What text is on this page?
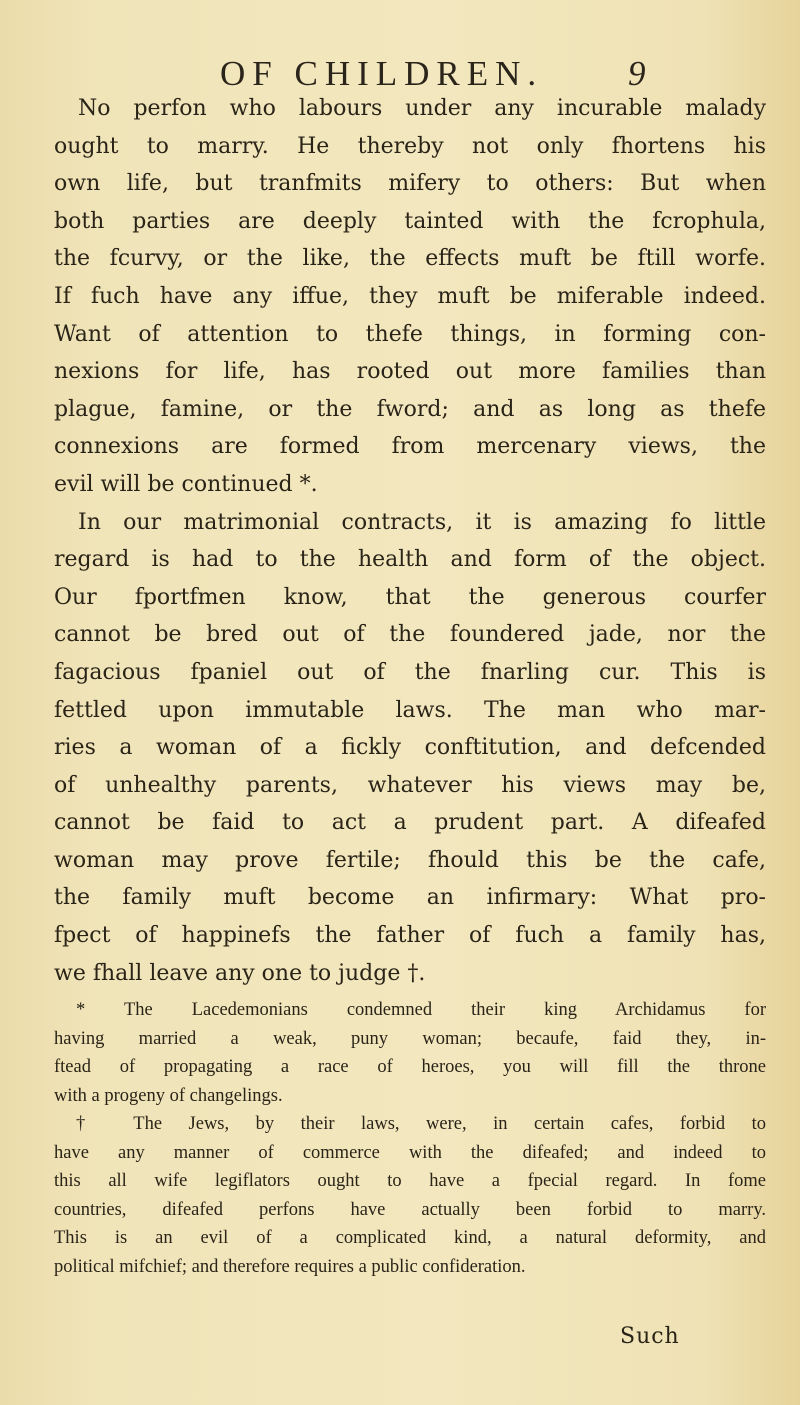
OF CHILDREN. 9
No perfon who labours under any incurable malady
ought to marry. He thereby not only fhortens his
own life, but tranfmits mifery to others: But when
both parties are deeply tainted with the fcrophula,
the fcurvy, or the like, the effects muft be ftill worfe.
If fuch have any iffue, they muft be miferable indeed.
Want of attention to thefe things, in forming con-
nexions for life, has rooted out more families than
plague, famine, or the fword; and as long as thefe
connexions are formed from mercenary views, the
evil will be continued *.
In our matrimonial contracts, it is amazing fo little
regard is had to the health and form of the object.
Our fportfmen know, that the generous courfer
cannot be bred out of the foundered jade, nor the
fagacious fpaniel out of the fnarling cur. This is
fettled upon immutable laws. The man who mar-
ries a woman of a fickly conftitution, and defcended
of unhealthy parents, whatever his views may be,
cannot be faid to act a prudent part. A difeafed
woman may prove fertile; fhould this be the cafe,
the family muft become an infirmary: What pro-
fpect of happinefs the father of fuch a family has,
we fhall leave any one to judge †.
* The Lacedemonians condemned their king Archidamus for
having married a weak, puny woman; becaufe, faid they, in-
ftead of propagating a race of heroes, you will fill the throne
with a progeny of changelings.
† The Jews, by their laws, were, in certain cafes, forbid to
have any manner of commerce with the difeafed; and indeed to
this all wife legiflators ought to have a fpecial regard. In fome
countries, difeafed perfons have actually been forbid to marry.
This is an evil of a complicated kind, a natural deformity, and
political mifchief; and therefore requires a public confideration.
Such
